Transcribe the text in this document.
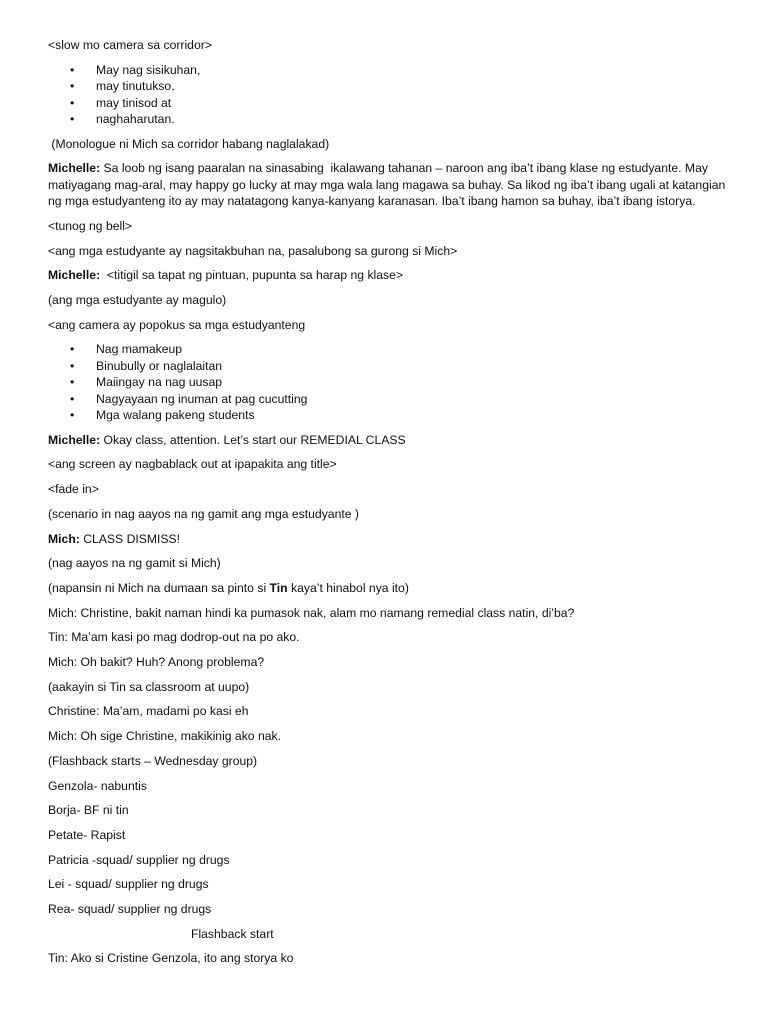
<slow mo camera sa corridor>
• May nag sisikuhan,
• may tinutukso,
• may tinisod at
• naghaharutan.
(Monologue ni Mich sa corridor habang naglalakad)
Michelle: Sa loob ng isang paaralan na sinasabing  ikalawang tahanan – naroon ang iba’t ibang klase ng estudyante. May matiyagang mag-aral, may happy go lucky at may mga wala lang magawa sa buhay. Sa likod ng iba’t ibang ugali at katangian ng mga estudyanteng ito ay may natatagong kanya-kanyang karanasan. Iba’t ibang hamon sa buhay, iba’t ibang istorya.
<tunog ng bell>
<ang mga estudyante ay nagsitakbuhan na, pasalubong sa gurong si Mich>
Michelle:  <titigil sa tapat ng pintuan, pupunta sa harap ng klase>
(ang mga estudyante ay magulo)
<ang camera ay popokus sa mga estudyanteng
• Nag mamakeup
• Binubully or naglalaitan
• Maiingay na nag uusap
• Nagyayaan ng inuman at pag cucutting
• Mga walang pakeng students
Michelle: Okay class, attention. Let’s start our REMEDIAL CLASS
<ang screen ay nagbablack out at ipapakita ang title>
<fade in>
(scenario in nag aayos na ng gamit ang mga estudyante )
Mich: CLASS DISMISS!
(nag aayos na ng gamit si Mich)
(napansin ni Mich na dumaan sa pinto si Tin kaya’t hinabol nya ito)
Mich: Christine, bakit naman hindi ka pumasok nak, alam mo namang remedial class natin, di’ba?
Tin: Ma’am kasi po mag dodrop-out na po ako.
Mich: Oh bakit? Huh? Anong problema?
(aakayin si Tin sa classroom at uupo)
Christine: Ma’am, madami po kasi eh
Mich: Oh sige Christine, makikinig ako nak.
(Flashback starts – Wednesday group)
Genzola- nabuntis
Borja- BF ni tin
Petate- Rapist
Patricia -squad/ supplier ng drugs
Lei - squad/ supplier ng drugs
Rea- squad/ supplier ng drugs
Flashback start
Tin: Ako si Cristine Genzola, ito ang storya ko
